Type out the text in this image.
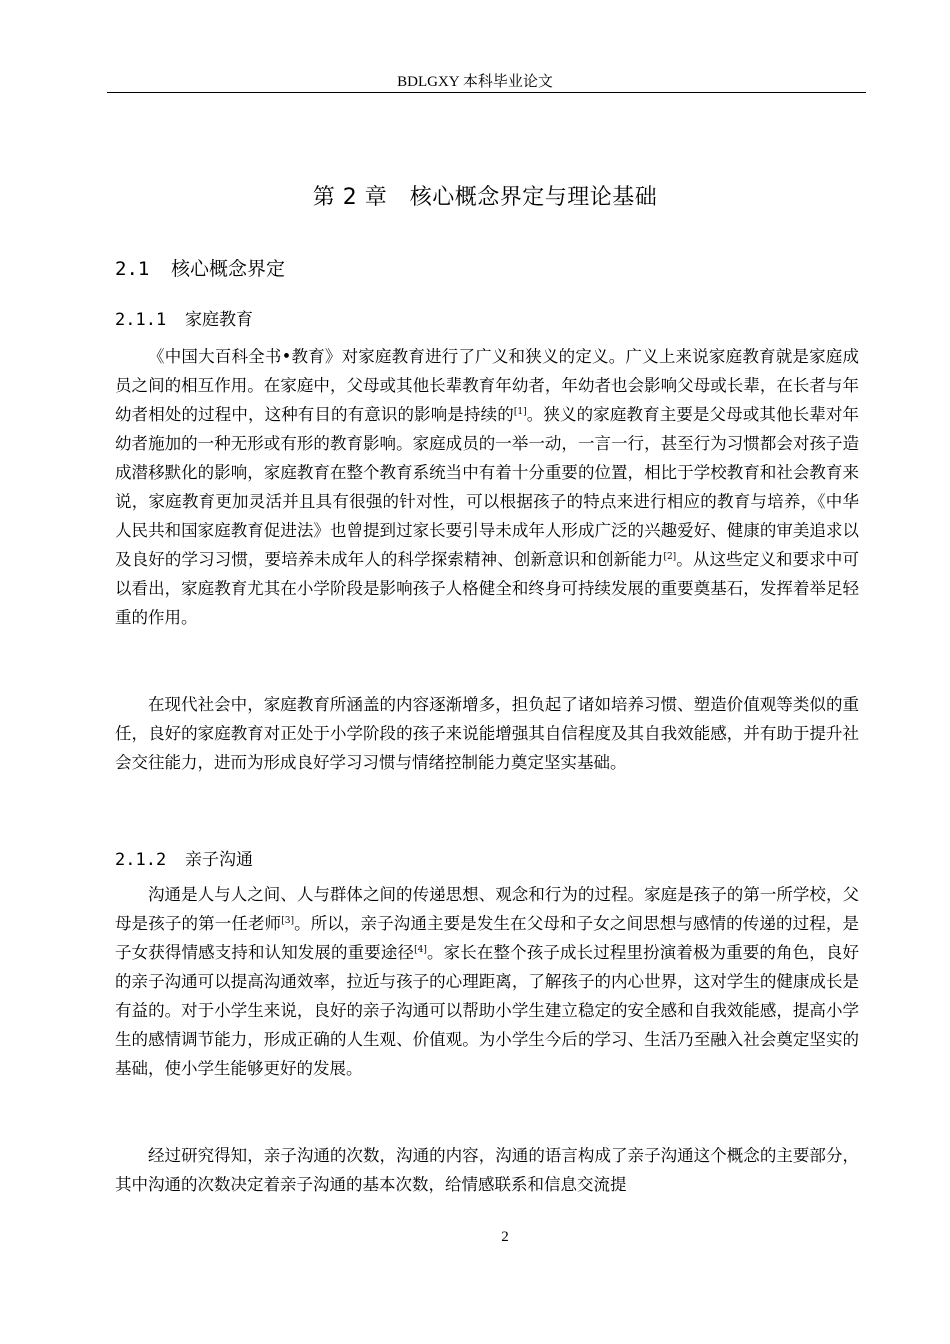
BDLGXY 本科毕业论文
第 2 章　核心概念界定与理论基础
2.1 核心概念界定
2.1.1 家庭教育

《中国大百科全书•教育》对家庭教育进行了广义和狭义的定义。广义上来说家庭教育就是家庭成员之间的相互作用。在家庭中，父母或其他长辈教育年幼者，年幼者也会影响父母或长辈，在长者与年幼者相处的过程中，这种有目的有意识的影响是持续的[1]。狭义的家庭教育主要是父母或其他长辈对年幼者施加的一种无形或有形的教育影响。家庭成员的一举一动，一言一行，甚至行为习惯都会对孩子造成潜移默化的影响，家庭教育在整个教育系统当中有着十分重要的位置，相比于学校教育和社会教育来说，家庭教育更加灵活并且具有很强的针对性，可以根据孩子的特点来进行相应的教育与培养，《中华人民共和国家庭教育促进法》也曾提到过家长要引导未成年人形成广泛的兴趣爱好、健康的审美追求以及良好的学习习惯，要培养未成年人的科学探索精神、创新意识和创新能力[2]。从这些定义和要求中可以看出，家庭教育尤其在小学阶段是影响孩子人格健全和终身可持续发展的重要奠基石，发挥着举足轻重的作用。

在现代社会中，家庭教育所涵盖的内容逐渐增多，担负起了诸如培养习惯、塑造价值观等类似的重任，良好的家庭教育对正处于小学阶段的孩子来说能增强其自信程度及其自我效能感，并有助于提升社会交往能力，进而为形成良好学习习惯与情绪控制能力奠定坚实基础。

2.1.2 亲子沟通

沟通是人与人之间、人与群体之间的传递思想、观念和行为的过程。家庭是孩子的第一所学校，父母是孩子的第一任老师[3]。所以，亲子沟通主要是发生在父母和子女之间思想与感情的传递的过程，是子女获得情感支持和认知发展的重要途径[4]。家长在整个孩子成长过程里扮演着极为重要的角色，良好的亲子沟通可以提高沟通效率，拉近与孩子的心理距离，了解孩子的内心世界，这对学生的健康成长是有益的。对于小学生来说，良好的亲子沟通可以帮助小学生建立稳定的安全感和自我效能感，提高小学生的感情调节能力，形成正确的人生观、价值观。为小学生今后的学习、生活乃至融入社会奠定坚实的基础，使小学生能够更好的发展。

经过研究得知，亲子沟通的次数，沟通的内容，沟通的语言构成了亲子沟通这个概念的主要部分，其中沟通的次数决定着亲子沟通的基本次数，给情感联系和信息交流提

2
